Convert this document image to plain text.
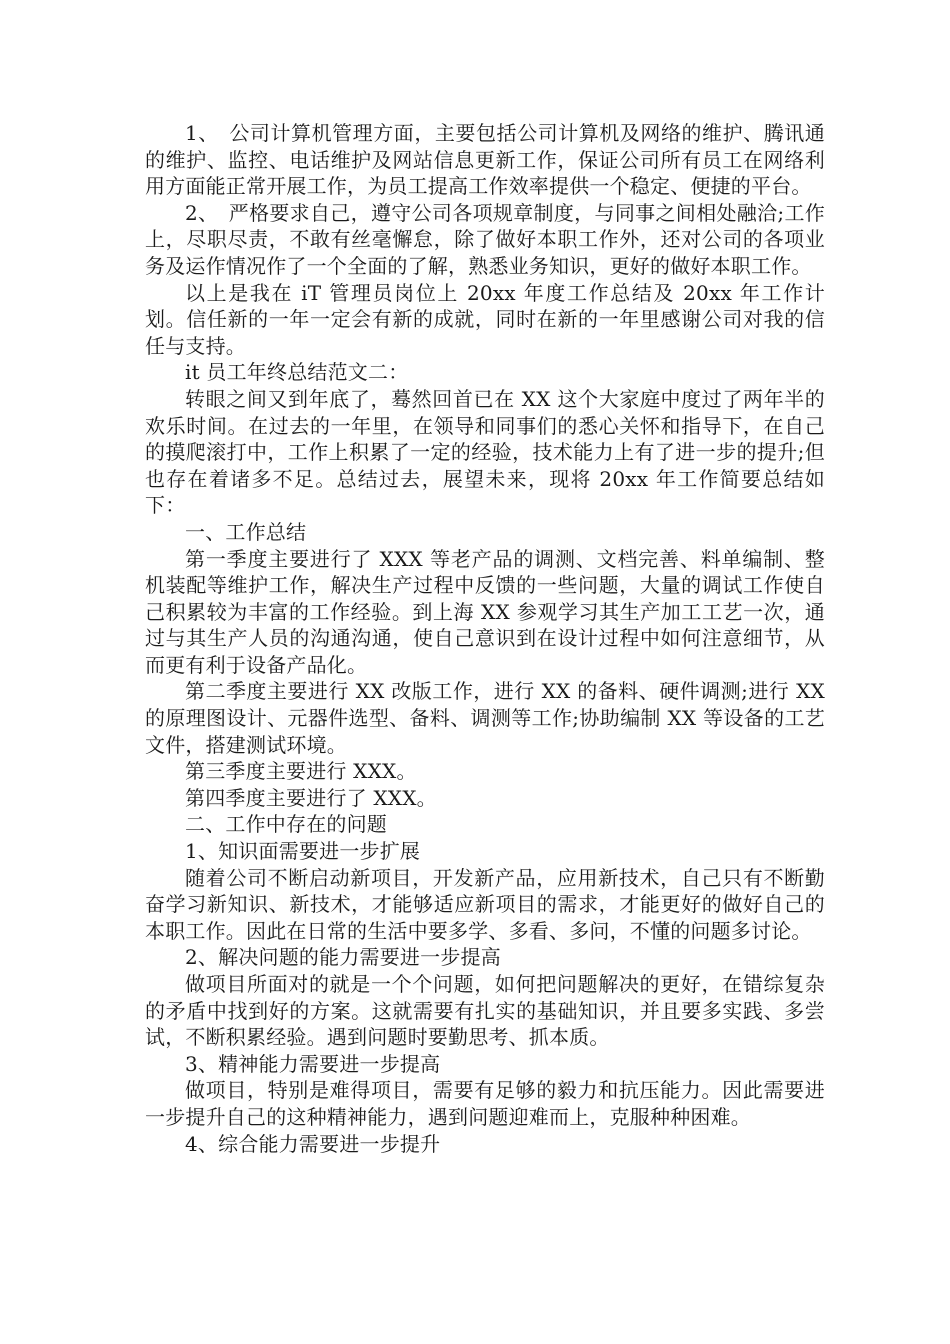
1、　公司计算机管理方面，主要包括公司计算机及网络的维护、腾讯通的维护、监控、电话维护及网站信息更新工作，保证公司所有员工在网络利用方面能正常开展工作，为员工提高工作效率提供一个稳定、便捷的平台。

2、　严格要求自己，遵守公司各项规章制度，与同事之间相处融洽;工作上，尽职尽责，不敢有丝毫懈怠，除了做好本职工作外，还对公司的各项业务及运作情况作了一个全面的了解，熟悉业务知识，更好的做好本职工作。

以上是我在 iT 管理员岗位上 20xx 年度工作总结及 20xx 年工作计划。信任新的一年一定会有新的成就，同时在新的一年里感谢公司对我的信任与支持。

it 员工年终总结范文二：

转眼之间又到年底了，蓦然回首已在 XX 这个大家庭中度过了两年半的欢乐时间。在过去的一年里，在领导和同事们的悉心关怀和指导下，在自己的摸爬滚打中，工作上积累了一定的经验，技术能力上有了进一步的提升;但也存在着诸多不足。总结过去，展望未来，现将 20xx 年工作简要总结如下：

一、工作总结

第一季度主要进行了 XXX 等老产品的调测、文档完善、料单编制、整机装配等维护工作，解决生产过程中反馈的一些问题，大量的调试工作使自己积累较为丰富的工作经验。到上海 XX 参观学习其生产加工工艺一次，通过与其生产人员的沟通沟通，使自己意识到在设计过程中如何注意细节，从而更有利于设备产品化。

第二季度主要进行 XX 改版工作，进行 XX 的备料、硬件调测;进行 XX 的原理图设计、元器件选型、备料、调测等工作;协助编制 XX 等设备的工艺文件，搭建测试环境。

第三季度主要进行 XXX。

第四季度主要进行了 XXX。

二、工作中存在的问题

1、知识面需要进一步扩展

随着公司不断启动新项目，开发新产品，应用新技术，自己只有不断勤奋学习新知识、新技术，才能够适应新项目的需求，才能更好的做好自己的本职工作。因此在日常的生活中要多学、多看、多问，不懂的问题多讨论。

2、解决问题的能力需要进一步提高

做项目所面对的就是一个个问题，如何把问题解决的更好，在错综复杂的矛盾中找到好的方案。这就需要有扎实的基础知识，并且要多实践、多尝试，不断积累经验。遇到问题时要勤思考、抓本质。

3、精神能力需要进一步提高

做项目，特别是难得项目，需要有足够的毅力和抗压能力。因此需要进一步提升自己的这种精神能力，遇到问题迎难而上，克服种种困难。

4、综合能力需要进一步提升
